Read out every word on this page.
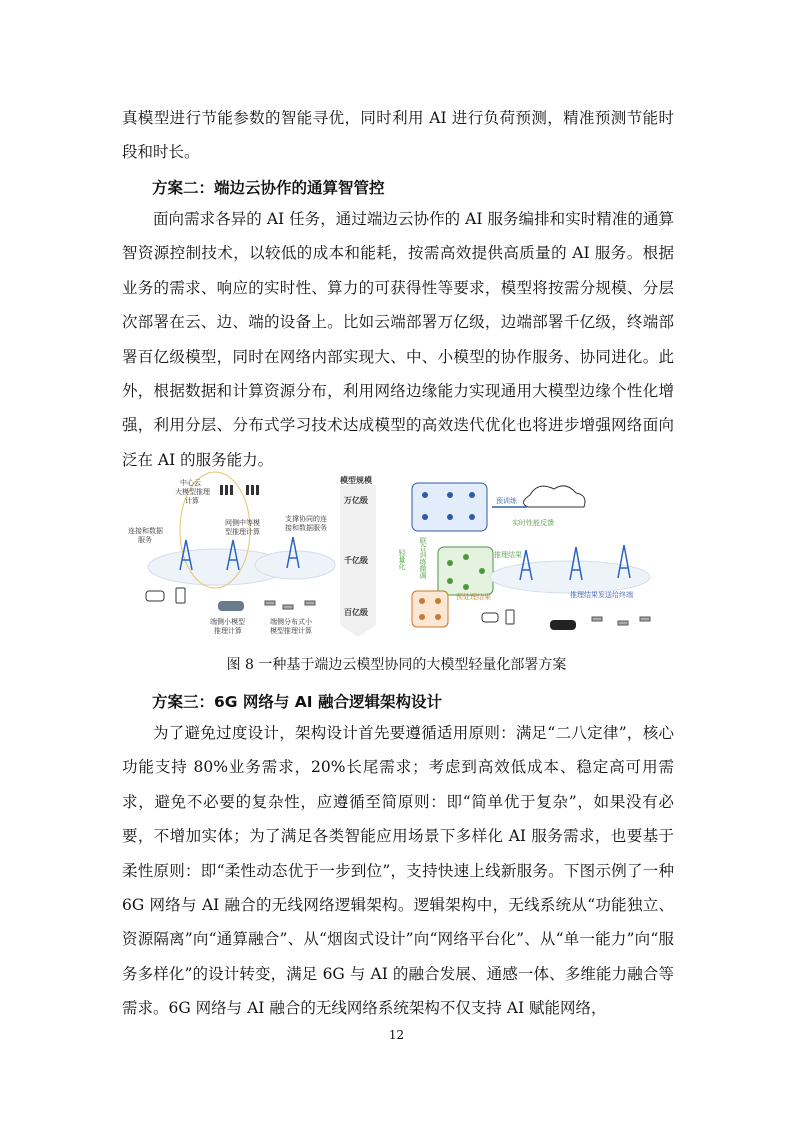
真模型进行节能参数的智能寻优，同时利用 AI 进行负荷预测，精准预测节能时段和时长。

方案二：端边云协作的通算智管控

面向需求各异的 AI 任务，通过端边云协作的 AI 服务编排和实时精准的通算智资源控制技术，以较低的成本和能耗，按需高效提供高质量的 AI 服务。根据业务的需求、响应的实时性、算力的可获得性等要求，模型将按需分规模、分层次部署在云、边、端的设备上。比如云端部署万亿级，边端部署千亿级，终端部署百亿级模型，同时在网络内部实现大、中、小模型的协作服务、协同进化。此外，根据数据和计算资源分布，利用网络边缘能力实现通用大模型边缘个性化增强，利用分层、分布式学习技术达成模型的高效迭代优化也将进步增强网络面向泛在 AI 的服务能力。

中心云
大模型推理
计算
连接和数据
服务
网侧中等模
型推理计算
支撑协同的连
接和数据服务
端侧小模型
推理计算
端侧分布式小
模型推理计算
模型规模
万亿级
千亿级
百亿级
预训练
实时性能反馈
轻量化 联合训练微调	推理结果
预处理结果	推理结果发送给终端

图 8 一种基于端边云模型协同的大模型轻量化部署方案

方案三：6G 网络与 AI 融合逻辑架构设计

为了避免过度设计，架构设计首先要遵循适用原则：满足“二八定律”，核心功能支持 80%业务需求，20%长尾需求；考虑到高效低成本、稳定高可用需求，避免不必要的复杂性，应遵循至简原则：即“简单优于复杂”，如果没有必要，不增加实体；为了满足各类智能应用场景下多样化 AI 服务需求，也要基于柔性原则：即“柔性动态优于一步到位”，支持快速上线新服务。下图示例了一种 6G 网络与 AI 融合的无线网络逻辑架构。逻辑架构中，无线系统从“功能独立、资源隔离”向“通算融合”、从“烟囱式设计”向“网络平台化”、从“单一能力”向“服务多样化”的设计转变，满足 6G 与 AI 的融合发展、通感一体、多维能力融合等需求。6G 网络与 AI 融合的无线网络系统架构不仅支持 AI 赋能网络，

12
